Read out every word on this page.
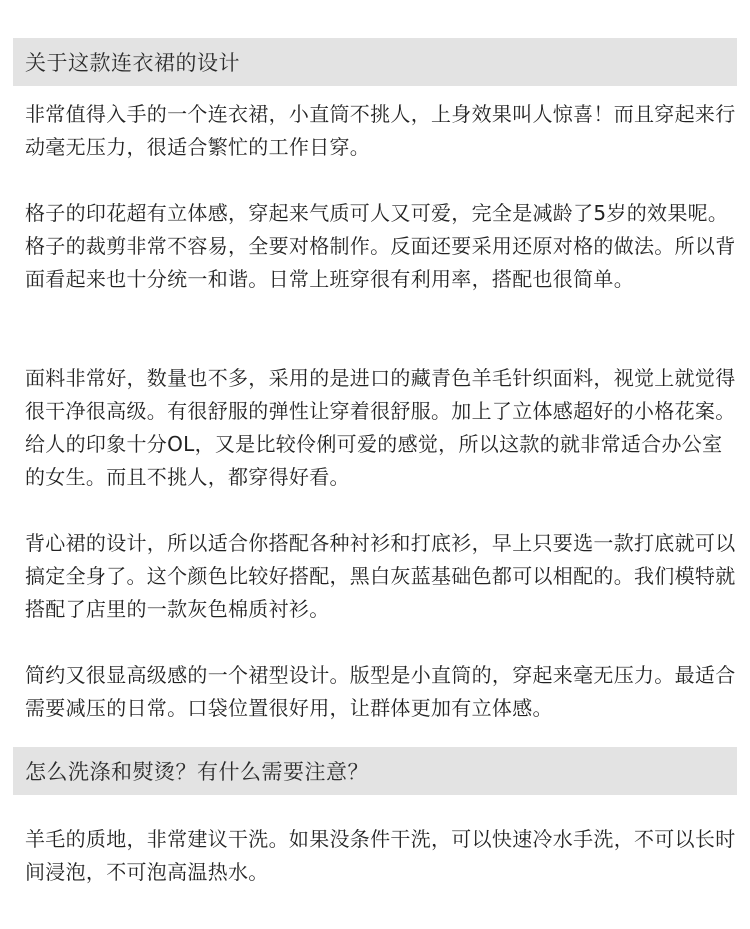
关于这款连衣裙的设计

非常值得入手的一个连衣裙，小直筒不挑人，上身效果叫人惊喜！而且穿起来行动毫无压力，很适合繁忙的工作日穿。

格子的印花超有立体感，穿起来气质可人又可爱，完全是减龄了5岁的效果呢。格子的裁剪非常不容易，全要对格制作。反面还要采用还原对格的做法。所以背面看起来也十分统一和谐。日常上班穿很有利用率，搭配也很简单。

面料非常好，数量也不多，采用的是进口的藏青色羊毛针织面料，视觉上就觉得很干净很高级。有很舒服的弹性让穿着很舒服。加上了立体感超好的小格花案。给人的印象十分OL，又是比较伶俐可爱的感觉，所以这款的就非常适合办公室的女生。而且不挑人，都穿得好看。

背心裙的设计，所以适合你搭配各种衬衫和打底衫，早上只要选一款打底就可以搞定全身了。这个颜色比较好搭配，黑白灰蓝基础色都可以相配的。我们模特就搭配了店里的一款灰色棉质衬衫。

简约又很显高级感的一个裙型设计。版型是小直筒的，穿起来毫无压力。最适合需要减压的日常。口袋位置很好用，让群体更加有立体感。

怎么洗涤和熨烫？有什么需要注意？

羊毛的质地，非常建议干洗。如果没条件干洗，可以快速冷水手洗，不可以长时间浸泡，不可泡高温热水。
